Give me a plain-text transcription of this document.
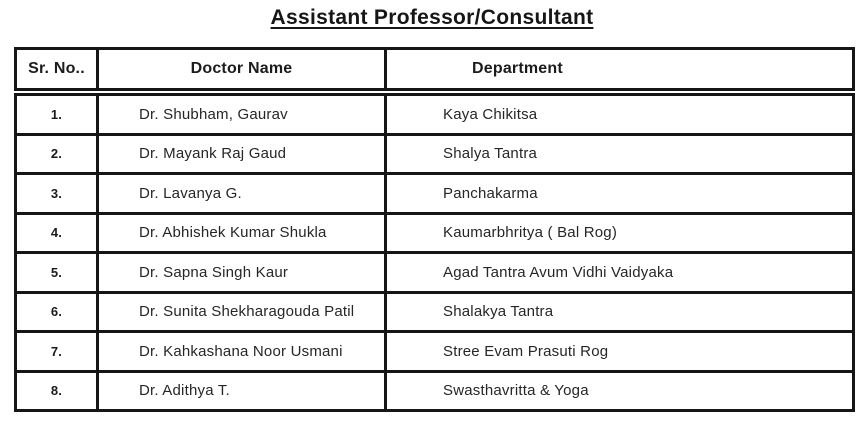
Assistant Professor/Consultant
Sr. No..	Doctor Name	Department
1.	Dr. Shubham, Gaurav	Kaya Chikitsa
2.	Dr. Mayank Raj Gaud	Shalya Tantra
3.	Dr. Lavanya G.	Panchakarma
4.	Dr. Abhishek Kumar Shukla	Kaumarbhritya ( Bal Rog)
5.	Dr. Sapna Singh Kaur	Agad Tantra Avum Vidhi Vaidyaka
6.	Dr. Sunita Shekharagouda Patil	Shalakya Tantra
7.	Dr. Kahkashana Noor Usmani	Stree Evam Prasuti Rog
8.	Dr. Adithya T.	Swasthavritta & Yoga
